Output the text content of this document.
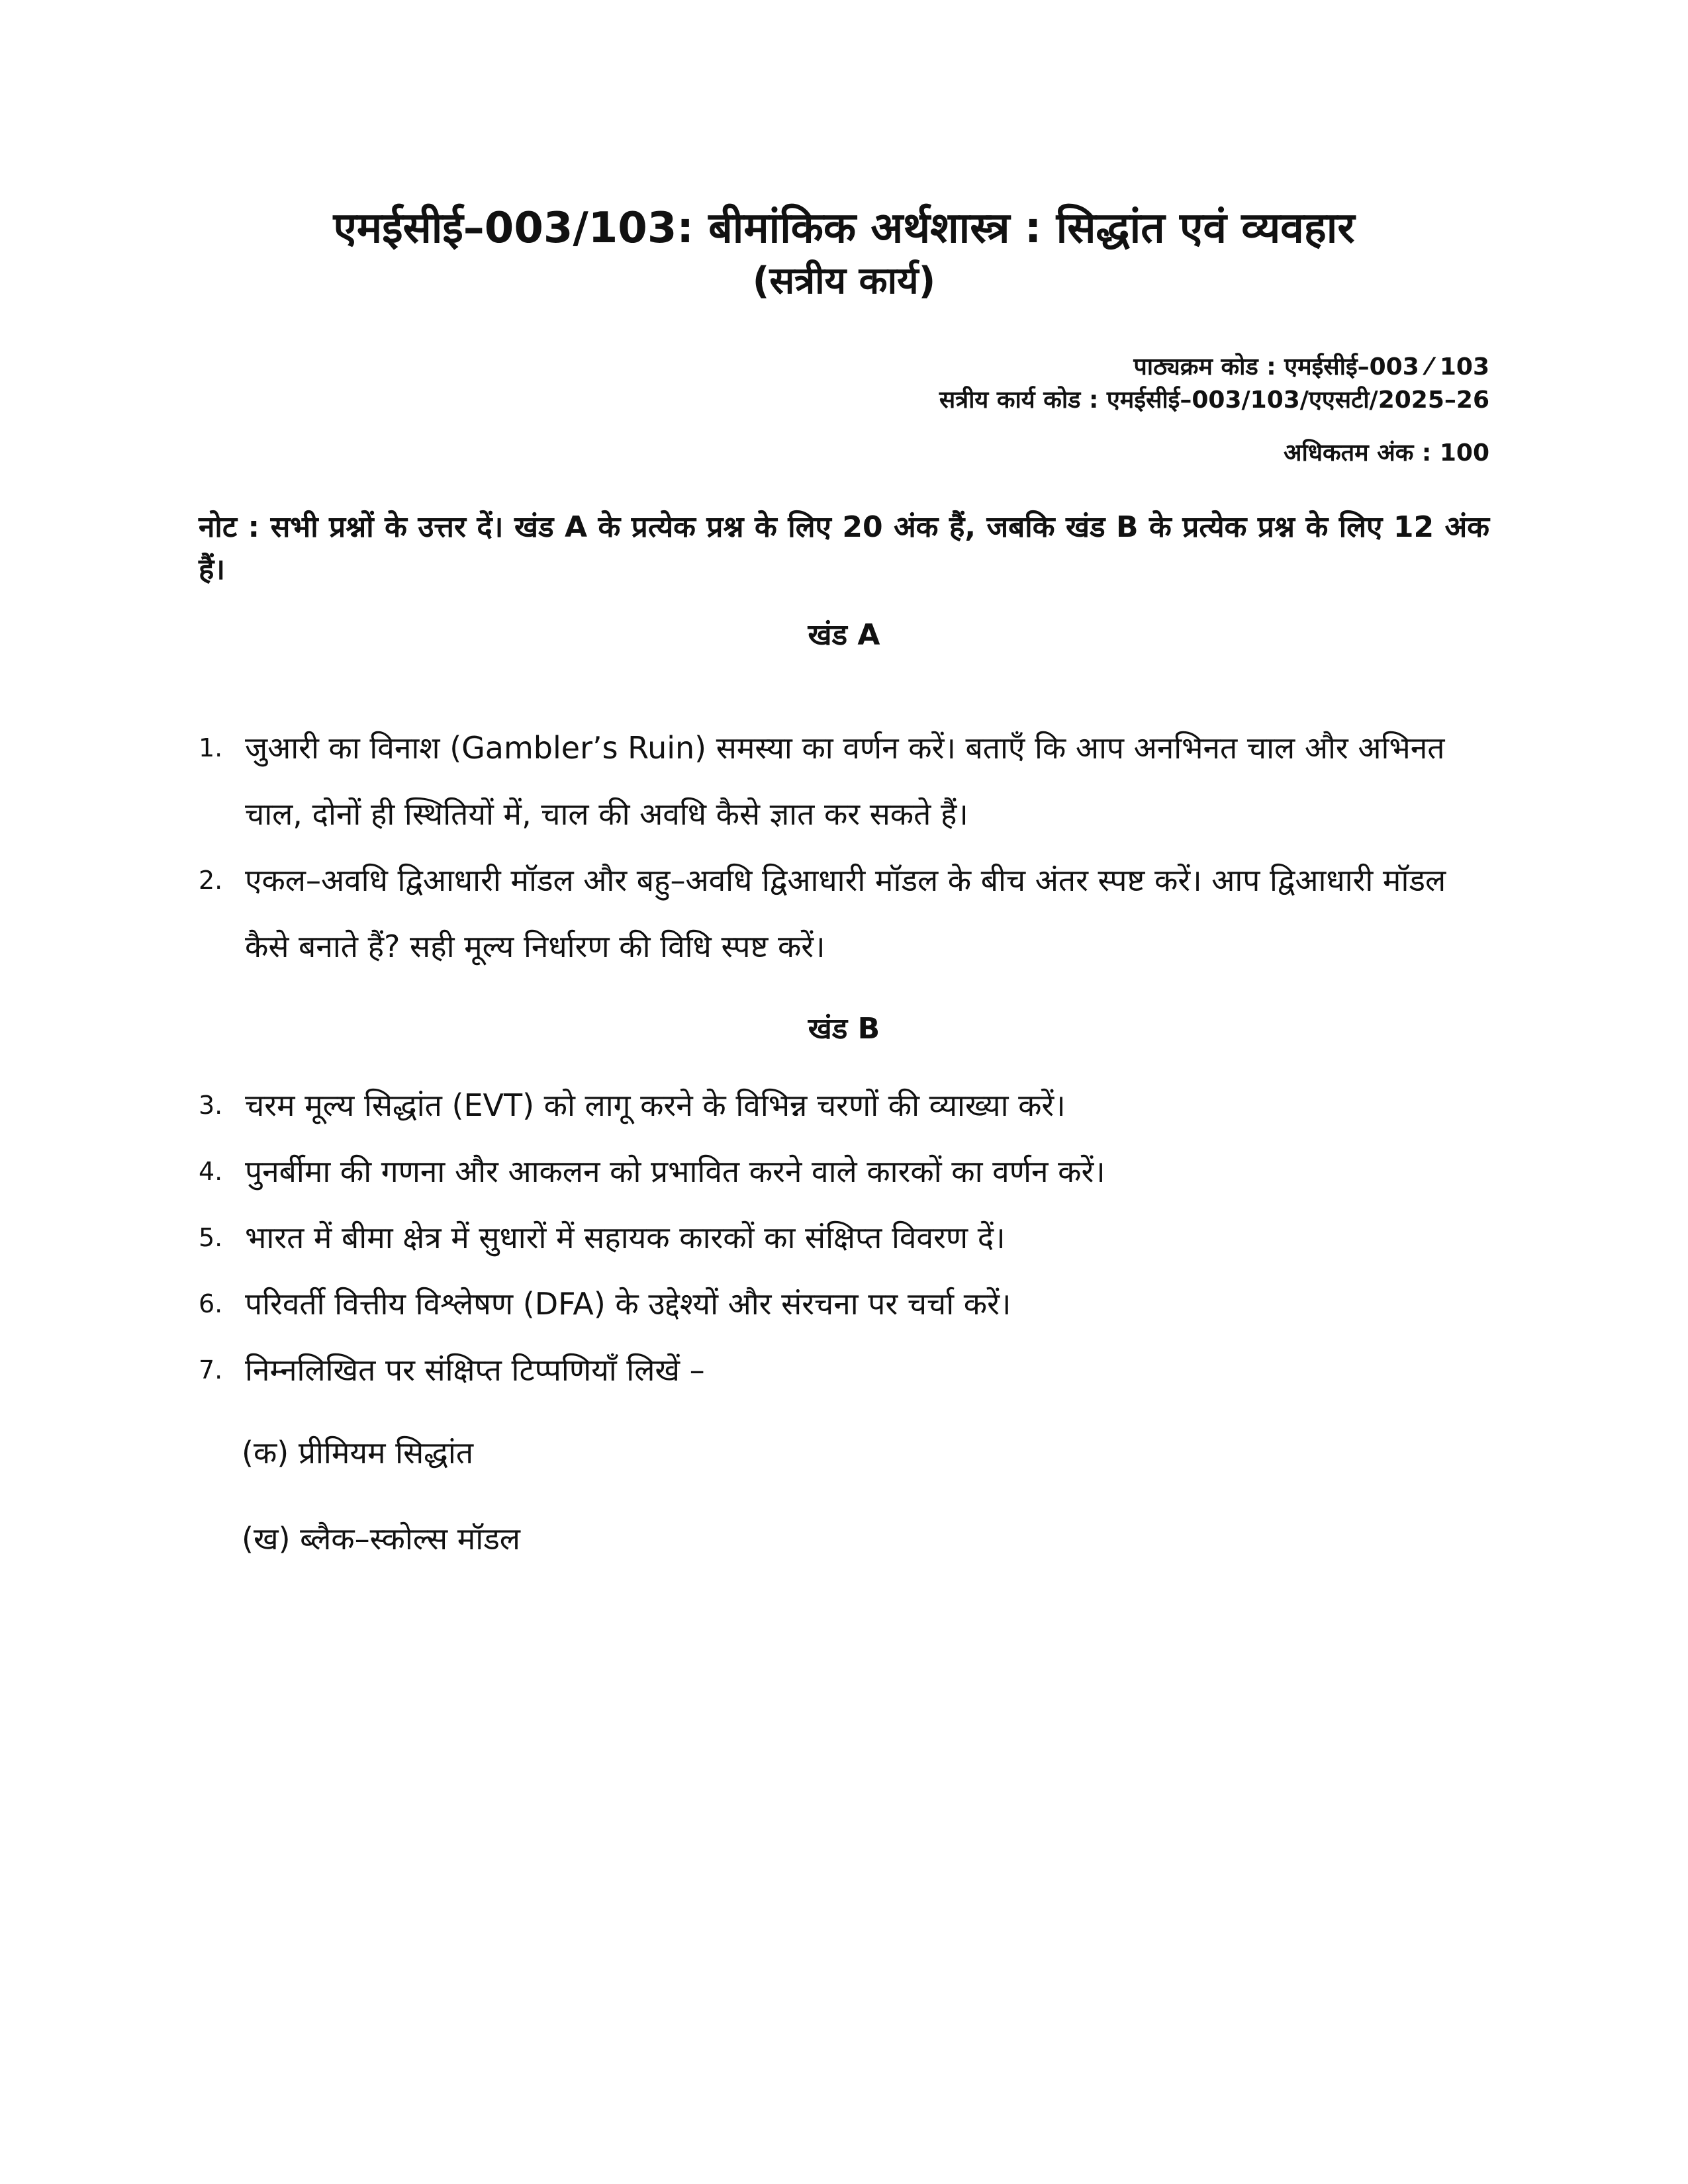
एमईसीई–003/103: बीमांकिक अर्थशास्त्र : सिद्धांत एवं व्यवहार
(सत्रीय कार्य)
पाठ्यक्रम कोड : एमईसीई–003 ⁄ 103
सत्रीय कार्य कोड : एमईसीई–003/103/एएसटी/2025–26
अधिकतम अंक : 100
नोट : सभी प्रश्नों के उत्तर दें। खंड A के प्रत्येक प्रश्न के लिए 20 अंक हैं, जबकि खंड B के प्रत्येक प्रश्न के लिए 12 अंक हैं।
खंड A
1. जुआरी का विनाश (Gambler’s Ruin) समस्या का वर्णन करें। बताएँ कि आप अनभिनत चाल और अभिनत चाल, दोनों ही स्थितियों में, चाल की अवधि कैसे ज्ञात कर सकते हैं।
2. एकल–अवधि द्विआधारी मॉडल और बहु–अवधि द्विआधारी मॉडल के बीच अंतर स्पष्ट करें। आप द्विआधारी मॉडल कैसे बनाते हैं? सही मूल्य निर्धारण की विधि स्पष्ट करें।
खंड B
3. चरम मूल्य सिद्धांत (EVT) को लागू करने के विभिन्न चरणों की व्याख्या करें।
4. पुनर्बीमा की गणना और आकलन को प्रभावित करने वाले कारकों का वर्णन करें।
5. भारत में बीमा क्षेत्र में सुधारों में सहायक कारकों का संक्षिप्त विवरण दें।
6. परिवर्ती वित्तीय विश्लेषण (DFA) के उद्देश्यों और संरचना पर चर्चा करें।
7. निम्नलिखित पर संक्षिप्त टिप्पणियाँ लिखें –
(क) प्रीमियम सिद्धांत
(ख) ब्लैक–स्कोल्स मॉडल
